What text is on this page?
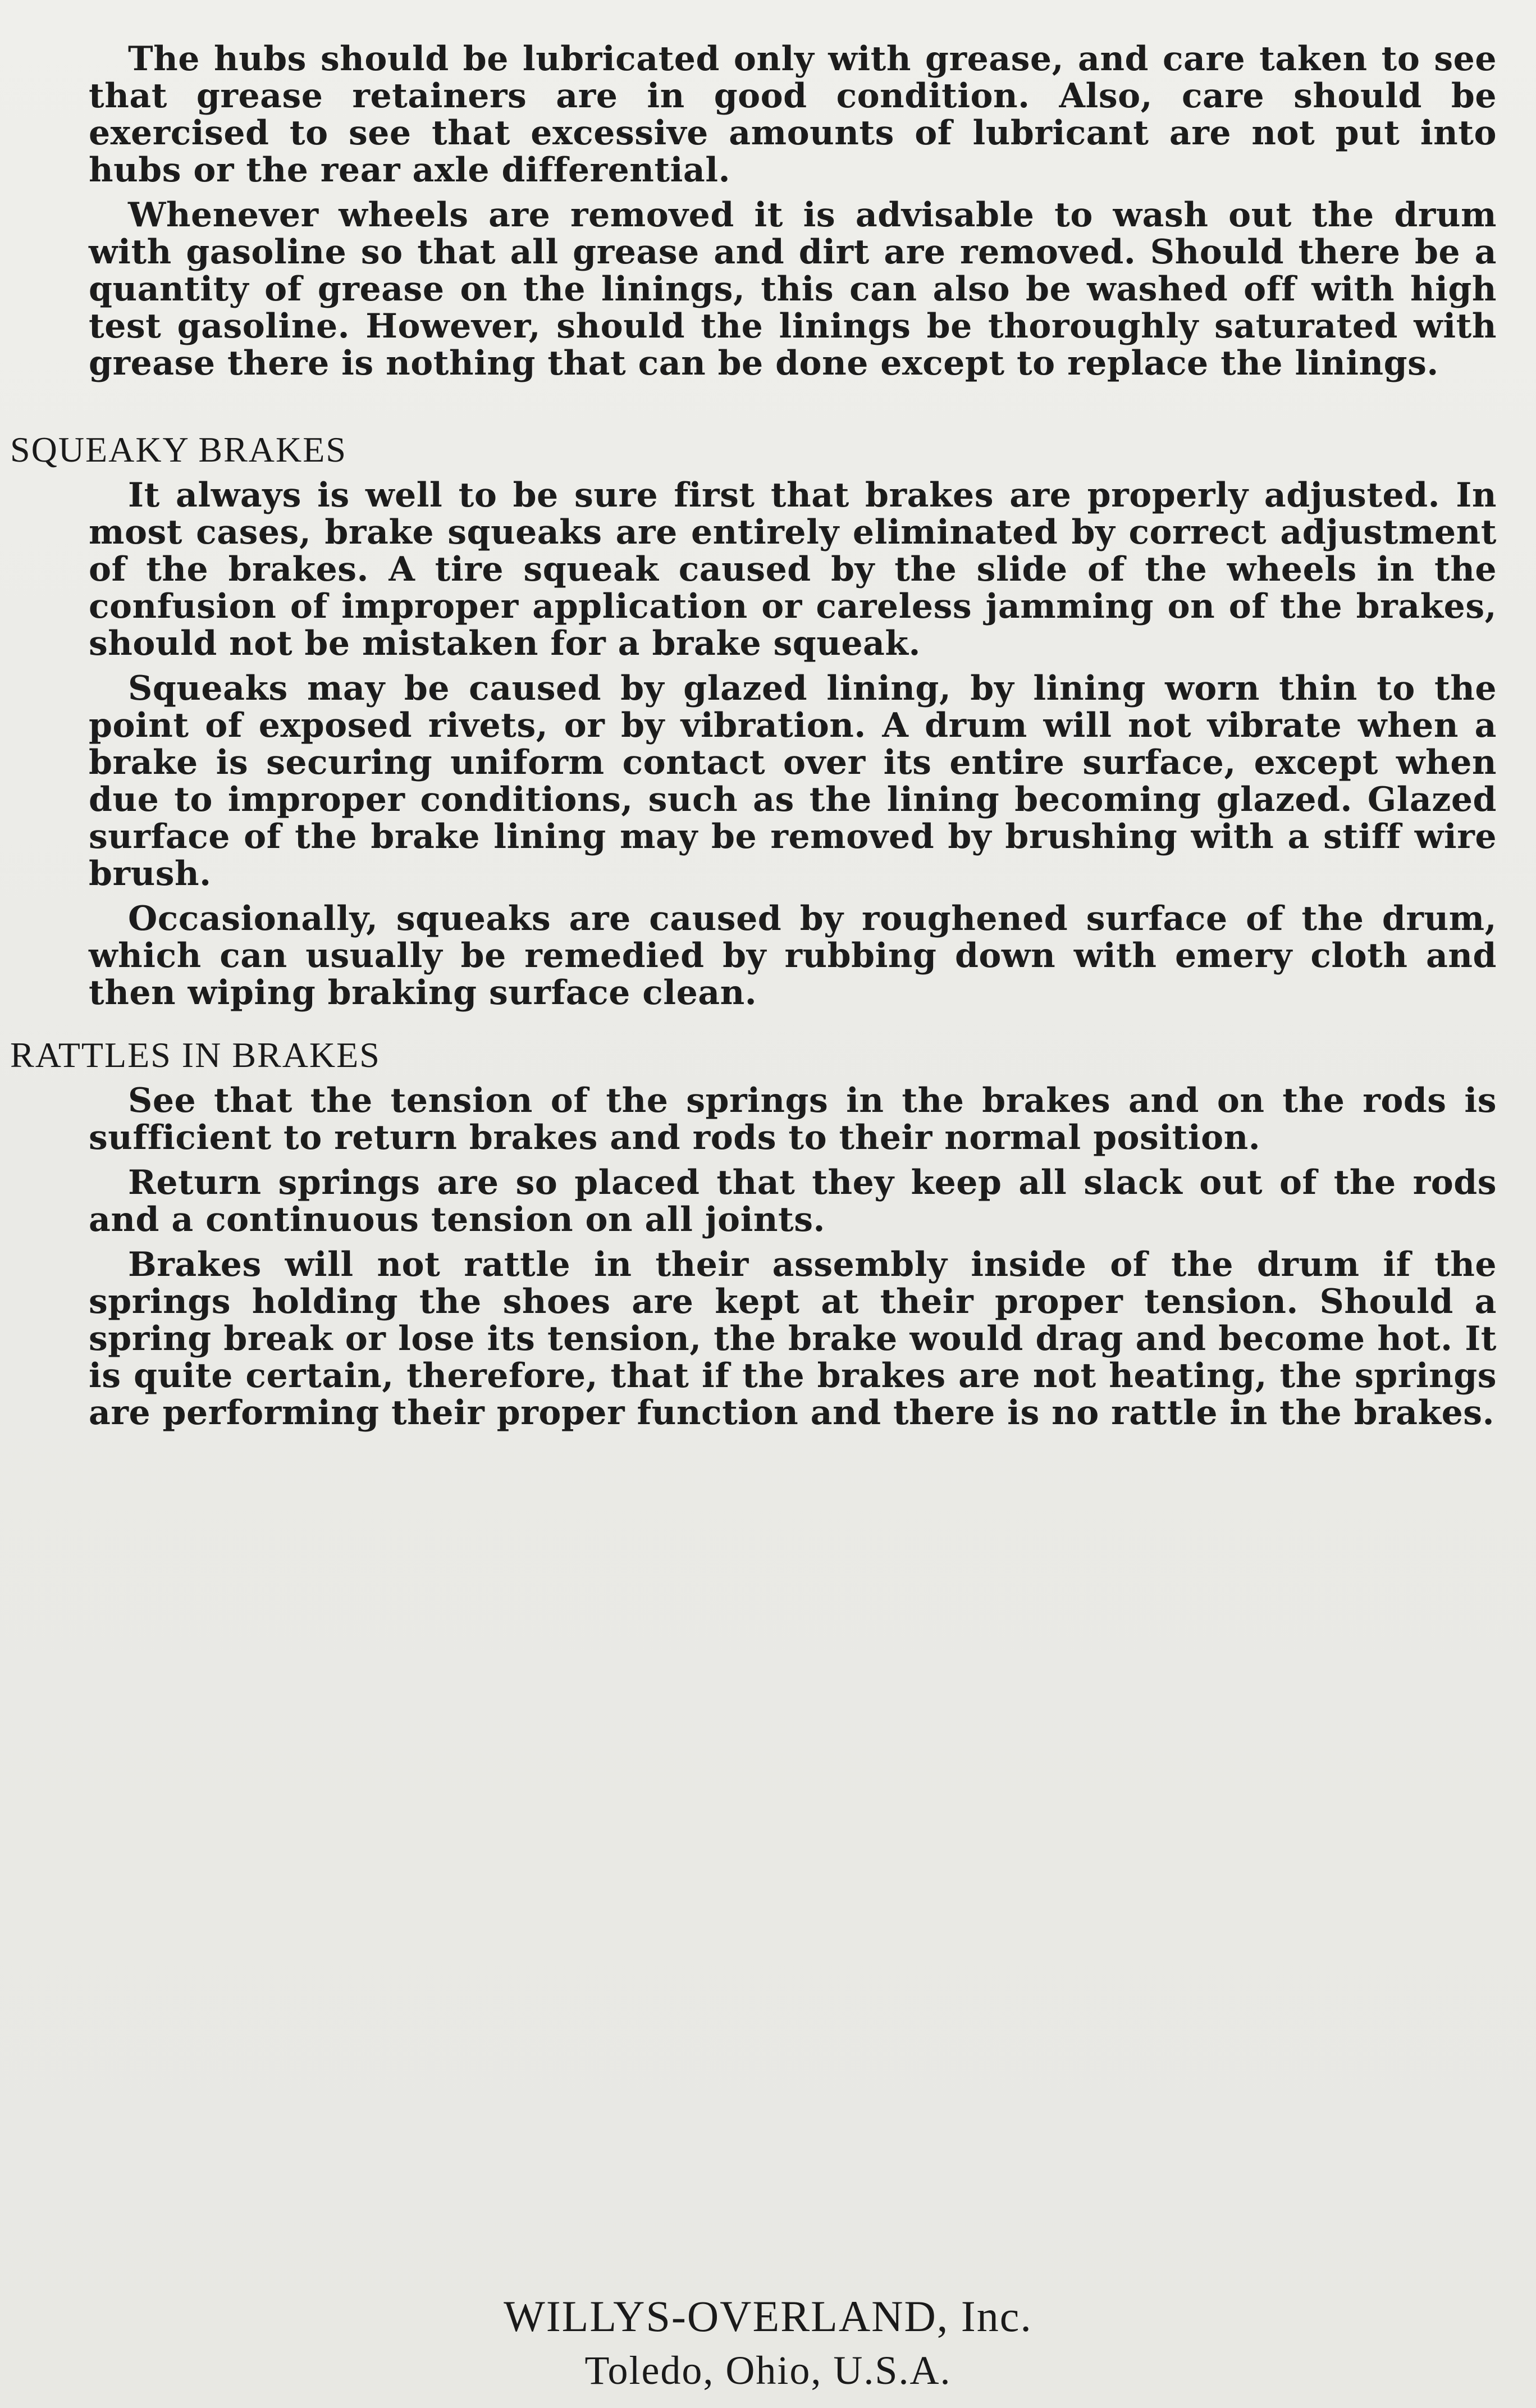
The hubs should be lubricated only with grease, and care taken to see that grease retainers are in good condition. Also, care should be exercised to see that excessive amounts of lubricant are not put into hubs or the rear axle differential.

Whenever wheels are removed it is advisable to wash out the drum with gasoline so that all grease and dirt are removed. Should there be a quantity of grease on the linings, this can also be washed off with high test gasoline. However, should the linings be thoroughly saturated with grease there is nothing that can be done except to replace the linings.

SQUEAKY BRAKES

It always is well to be sure first that brakes are properly adjusted. In most cases, brake squeaks are entirely eliminated by correct adjustment of the brakes. A tire squeak caused by the slide of the wheels in the confusion of improper application or careless jamming on of the brakes, should not be mistaken for a brake squeak.

Squeaks may be caused by glazed lining, by lining worn thin to the point of exposed rivets, or by vibration. A drum will not vibrate when a brake is securing uniform contact over its entire surface, except when due to improper conditions, such as the lining becoming glazed. Glazed surface of the brake lining may be removed by brushing with a stiff wire brush.

Occasionally, squeaks are caused by roughened surface of the drum, which can usually be remedied by rubbing down with emery cloth and then wiping braking surface clean.

RATTLES IN BRAKES

See that the tension of the springs in the brakes and on the rods is sufficient to return brakes and rods to their normal position.

Return springs are so placed that they keep all slack out of the rods and a continuous tension on all joints.

Brakes will not rattle in their assembly inside of the drum if the springs holding the shoes are kept at their proper tension. Should a spring break or lose its tension, the brake would drag and become hot. It is quite certain, therefore, that if the brakes are not heating, the springs are performing their proper function and there is no rattle in the brakes.

WILLYS-OVERLAND, Inc.
Toledo, Ohio, U.S.A.
